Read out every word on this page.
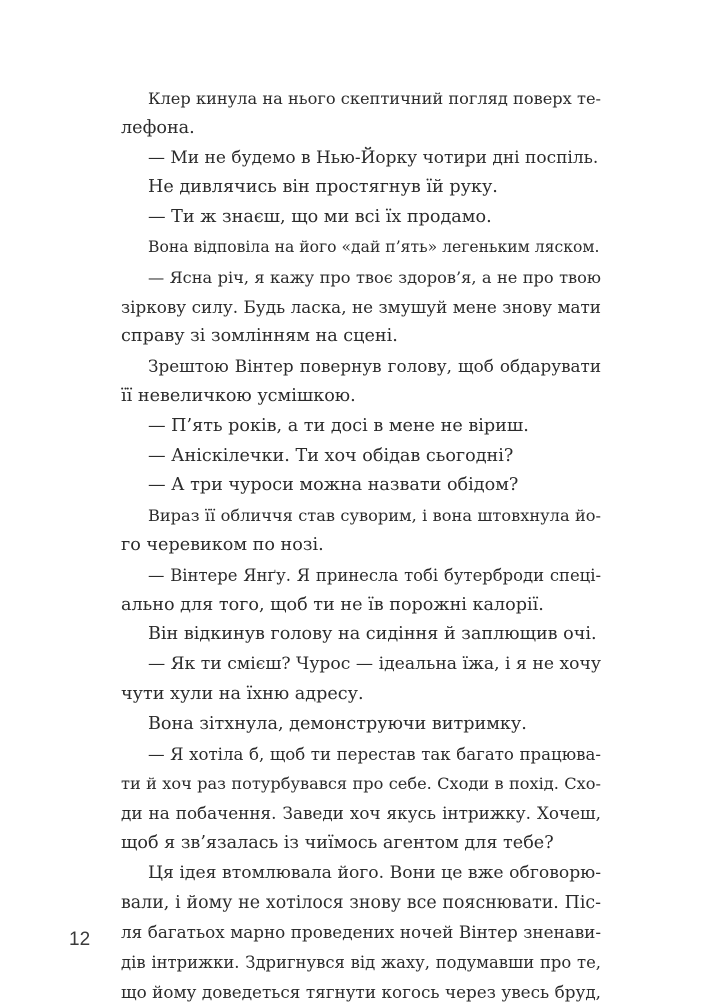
Клер кинула на нього скептичний погляд поверх те-
лефона.
— Ми не будемо в Нью-Йорку чотири дні поспіль.
Не дивлячись він простягнув їй руку.
— Ти ж знаєш, що ми всі їх продамо.
Вона відповіла на його «дай п’ять» легеньким ляском.
— Ясна річ, я кажу про твоє здоров’я, а не про твою
зіркову силу. Будь ласка, не змушуй мене знову мати
справу зі зомлінням на сцені.
Зрештою Вінтер повернув голову, щоб обдарувати
її невеличкою усмішкою.
— П’ять років, а ти досі в мене не віриш.
— Аніскілечки. Ти хоч обідав сьогодні?
— А три чуроси можна назвати обідом?
Вираз її обличчя став суворим, і вона штовхнула йо-
го черевиком по нозі.
— Вінтере Янґу. Я принесла тобі бутерброди спеці-
ально для того, щоб ти не їв порожні калорії.
Він відкинув голову на сидіння й заплющив очі.
— Як ти смієш? Чурос — ідеальна їжа, і я не хочу
чути хули на їхню адресу.
Вона зітхнула, демонструючи витримку.
— Я хотіла б, щоб ти перестав так багато працюва-
ти й хоч раз потурбувався про себе. Сходи в похід. Схо-
ди на побачення. Заведи хоч якусь інтрижку. Хочеш,
щоб я зв’язалась із чиїмось агентом для тебе?
Ця ідея втомлювала його. Вони це вже обговорю-
вали, і йому не хотілося знову все пояснювати. Піс-
ля багатьох марно проведених ночей Вінтер зненави-
дів інтрижки. Здригнувся від жаху, подумавши про те,
що йому доведеться тягнути когось через увесь бруд,
12
